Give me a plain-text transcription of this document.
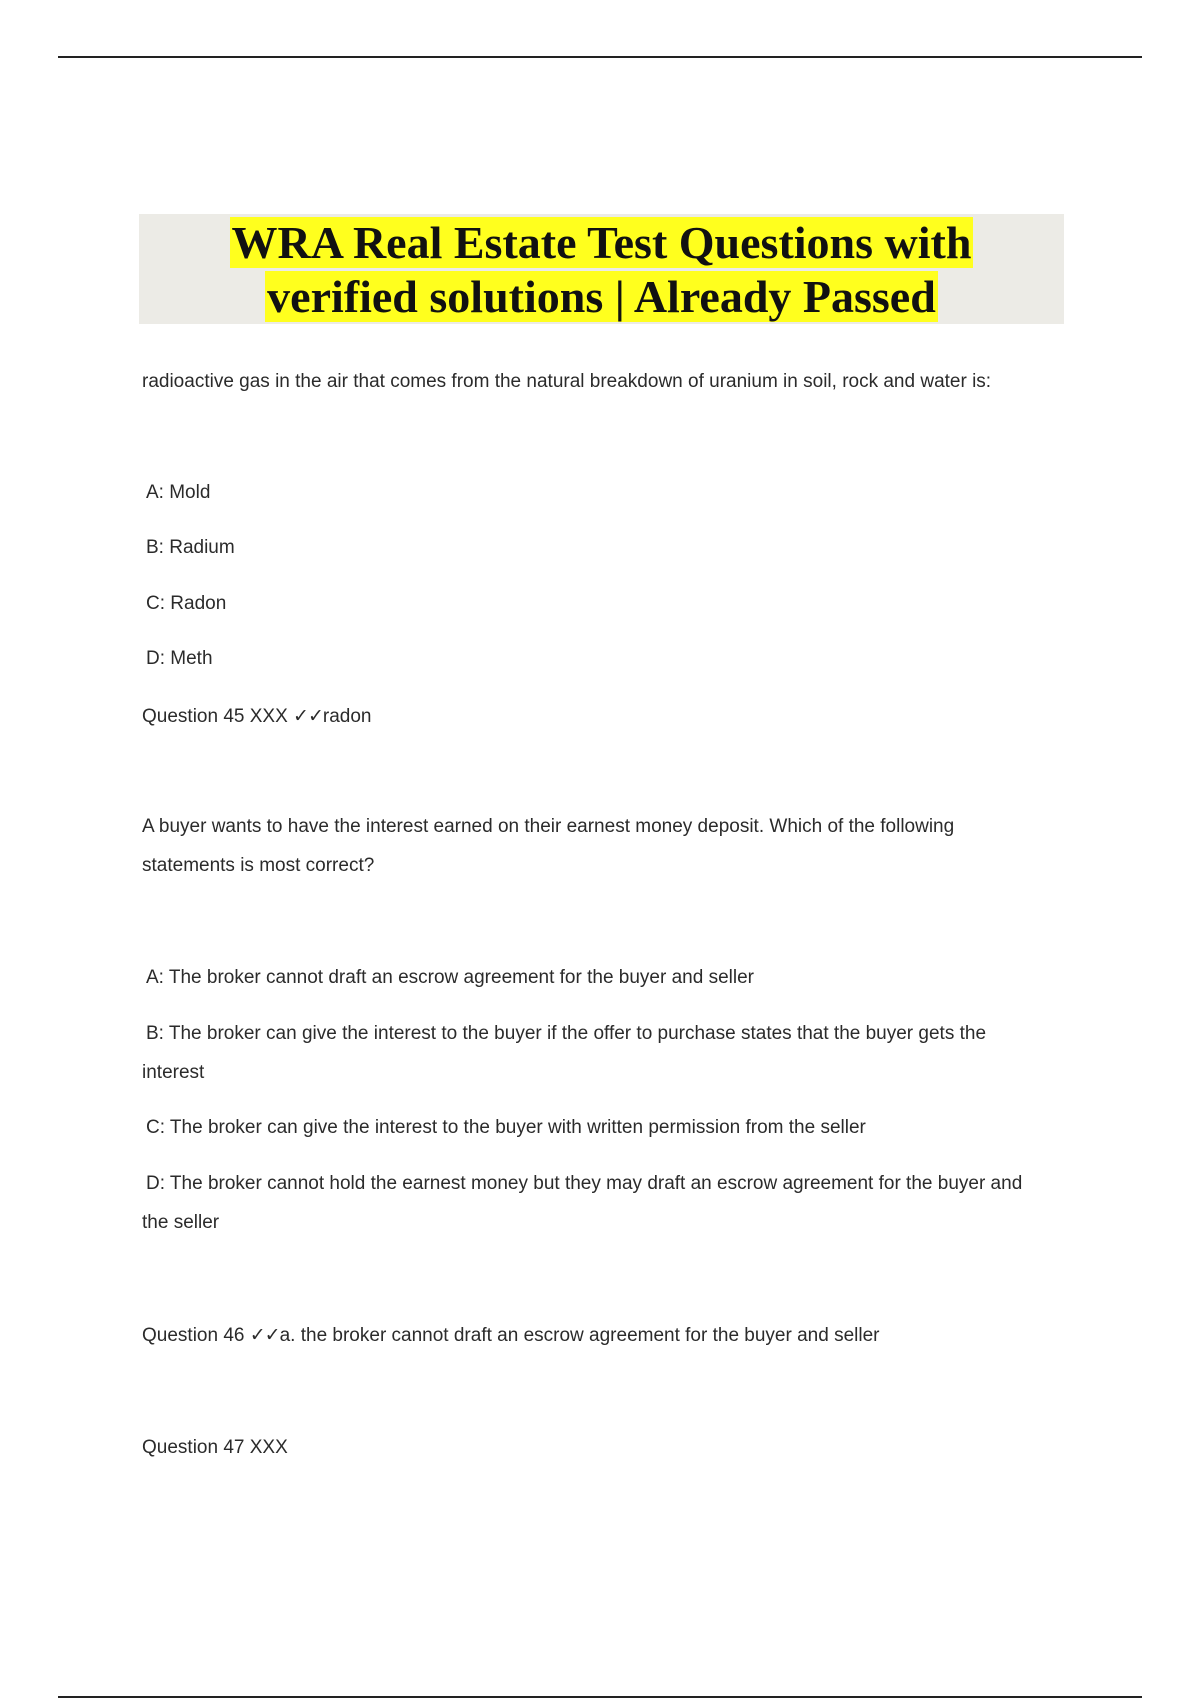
WRA Real Estate Test Questions with
verified solutions | Already Passed
radioactive gas in the air that comes from the natural breakdown of uranium in soil, rock and water is:
A: Mold
B: Radium
C: Radon
D: Meth
Question 45 XXX ✓✓radon
A buyer wants to have the interest earned on their earnest money deposit. Which of the following statements is most correct?
A: The broker cannot draft an escrow agreement for the buyer and seller
B: The broker can give the interest to the buyer if the offer to purchase states that the buyer gets the interest
C: The broker can give the interest to the buyer with written permission from the seller
D: The broker cannot hold the earnest money but they may draft an escrow agreement for the buyer and the seller
Question 46 ✓✓a. the broker cannot draft an escrow agreement for the buyer and seller
Question 47 XXX
